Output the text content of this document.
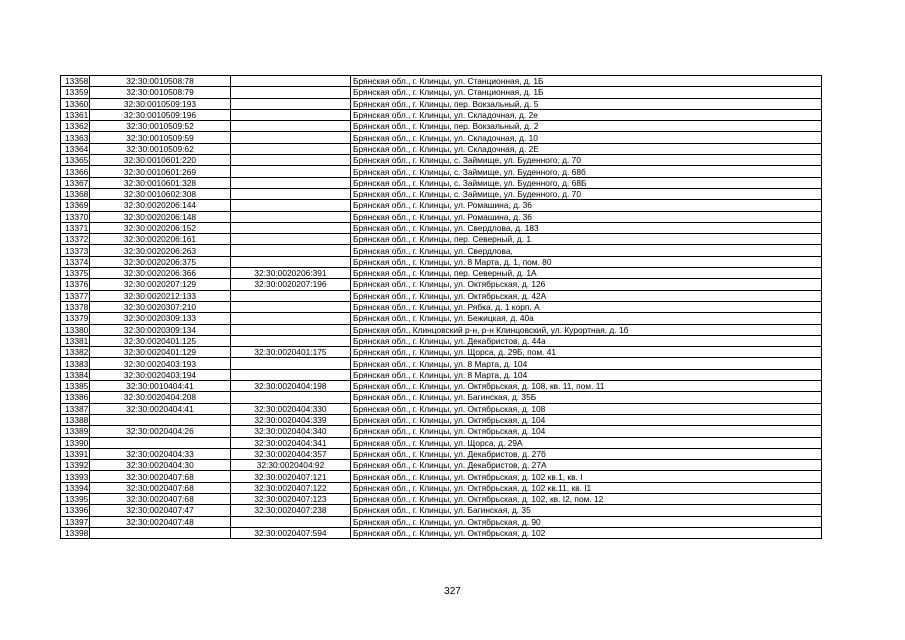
13358	32:30:0010508:78		Брянская обл., г. Клинцы, ул. Станционная, д. 1Б
13359	32:30:0010508:79		Брянская обл., г. Клинцы, ул. Станционная, д. 1Б
13360	32:30:0010509:193		Брянская обл., г. Клинцы, пер. Вокзальный, д. 5
13361	32:30:0010509:196		Брянская обл., г. Клинцы, ул. Складочная, д. 2е
13362	32:30:0010509:52		Брянская обл., г. Клинцы, пер. Вокзальный, д. 2
13363	32:30:0010509:59		Брянская обл., г. Клинцы, ул. Складочная, д. 10
13364	32:30:0010509:62		Брянская обл., г. Клинцы, ул. Складочная, д. 2Е
13365	32:30:0010601:220		Брянская обл., г. Клинцы, с. Займище, ул. Буденного, д. 70
13366	32:30:0010601:269		Брянская обл., г. Клинцы, с. Займище, ул. Буденного, д. 68б
13367	32:30:0010601:328		Брянская обл., г. Клинцы, с. Займище, ул. Буденного, д. 68Б
13368	32:30:0010602:308		Брянская обл., г. Клинцы, с. Займище, ул. Буденного, д. 70
13369	32:30:0020206:144		Брянская обл., г. Клинцы, ул. Ромашина, д. 36
13370	32:30:0020206:148		Брянская обл., г. Клинцы, ул. Ромашина, д. 36
13371	32:30:0020206:152		Брянская обл., г. Клинцы, ул. Свердлова, д. 183
13372	32:30:0020206:161		Брянская обл., г. Клинцы, пер. Северный, д. 1
13373	32:30:0020206:263		Брянская обл., г. Клинцы, ул. Свердлова,
13374	32:30:0020206:375		Брянская обл., г. Клинцы, ул. 8 Марта, д. 1, пом. 80
13375	32:30:0020206:366	32:30:0020206:391	Брянская обл., г. Клинцы, пер. Северный, д. 1А
13376	32:30:0020207:129	32:30:0020207:196	Брянская обл., г. Клинцы, ул. Октябрьская, д. 126
13377	32:30:0020212:133		Брянская обл., г. Клинцы, ул. Октябрьская, д. 42А
13378	32:30:0020307:210		Брянская обл., г. Клинцы, ул. Рябка, д. 1 корп. А
13379	32:30:0020309:133		Брянская обл., г. Клинцы, ул. Бежицкая, д. 40а
13380	32:30:0020309:134		Брянская обл., Клинцовский р-н, р-н Клинцовский, ул. Курортная, д. 1б
13381	32:30:0020401:125		Брянская обл., г. Клинцы, ул. Декабристов, д. 44а
13382	32:30:0020401:129	32:30:0020401:175	Брянская обл., г. Клинцы, ул. Щорса, д. 29Б, пом. 41
13383	32:30:0020403:193		Брянская обл., г. Клинцы, ул. 8 Марта, д. 104
13384	32:30:0020403:194		Брянская обл., г. Клинцы, ул. 8 Марта, д. 104
13385	32:30:0010404:41	32:30:0020404:198	Брянская обл., г. Клинцы, ул. Октябрьская, д. 108, кв. 11, пом. 11
13386	32:30:0020404:208		Брянская обл., г. Клинцы, ул. Багинская, д. 35Б
13387	32:30:0020404:41	32:30:0020404:330	Брянская обл., г. Клинцы, ул. Октябрьская, д. 108
13388		32:30:0020404:339	Брянская обл., г. Клинцы, ул. Октябрьская, д. 104
13389	32:30:0020404:26	32:30:0020404:340	Брянская обл., г. Клинцы, ул. Октябрьская, д. 104
13390		32:30:0020404:341	Брянская обл., г. Клинцы, ул. Щорса, д. 29А
13391	32:30:0020404:33	32:30:0020404:357	Брянская обл., г. Клинцы, ул. Декабристов, д. 27б
13392	32:30:0020404:30	32:30:0020404:92	Брянская обл., г. Клинцы, ул. Декабристов, д. 27А
13393	32:30:0020407:68	32:30:0020407:121	Брянская обл., г. Клинцы, ул. Октябрьская, д. 102 кв.1, кв. I
13394	32:30:0020407:68	32:30:0020407:122	Брянская обл., г. Клинцы, ул. Октябрьская, д. 102 кв.11, кв. I1
13395	32:30:0020407:68	32:30:0020407:123	Брянская обл., г. Клинцы, ул. Октябрьская, д. 102, кв. I2, пом. 12
13396	32:30:0020407:47	32:30:0020407:238	Брянская обл., г. Клинцы, ул. Багинская, д. 35
13397	32:30:0020407:48		Брянская обл., г. Клинцы, ул. Октябрьская, д. 90
13398		32:30:0020407:594	Брянская обл., г. Клинцы, ул. Октябрьская, д. 102
327
